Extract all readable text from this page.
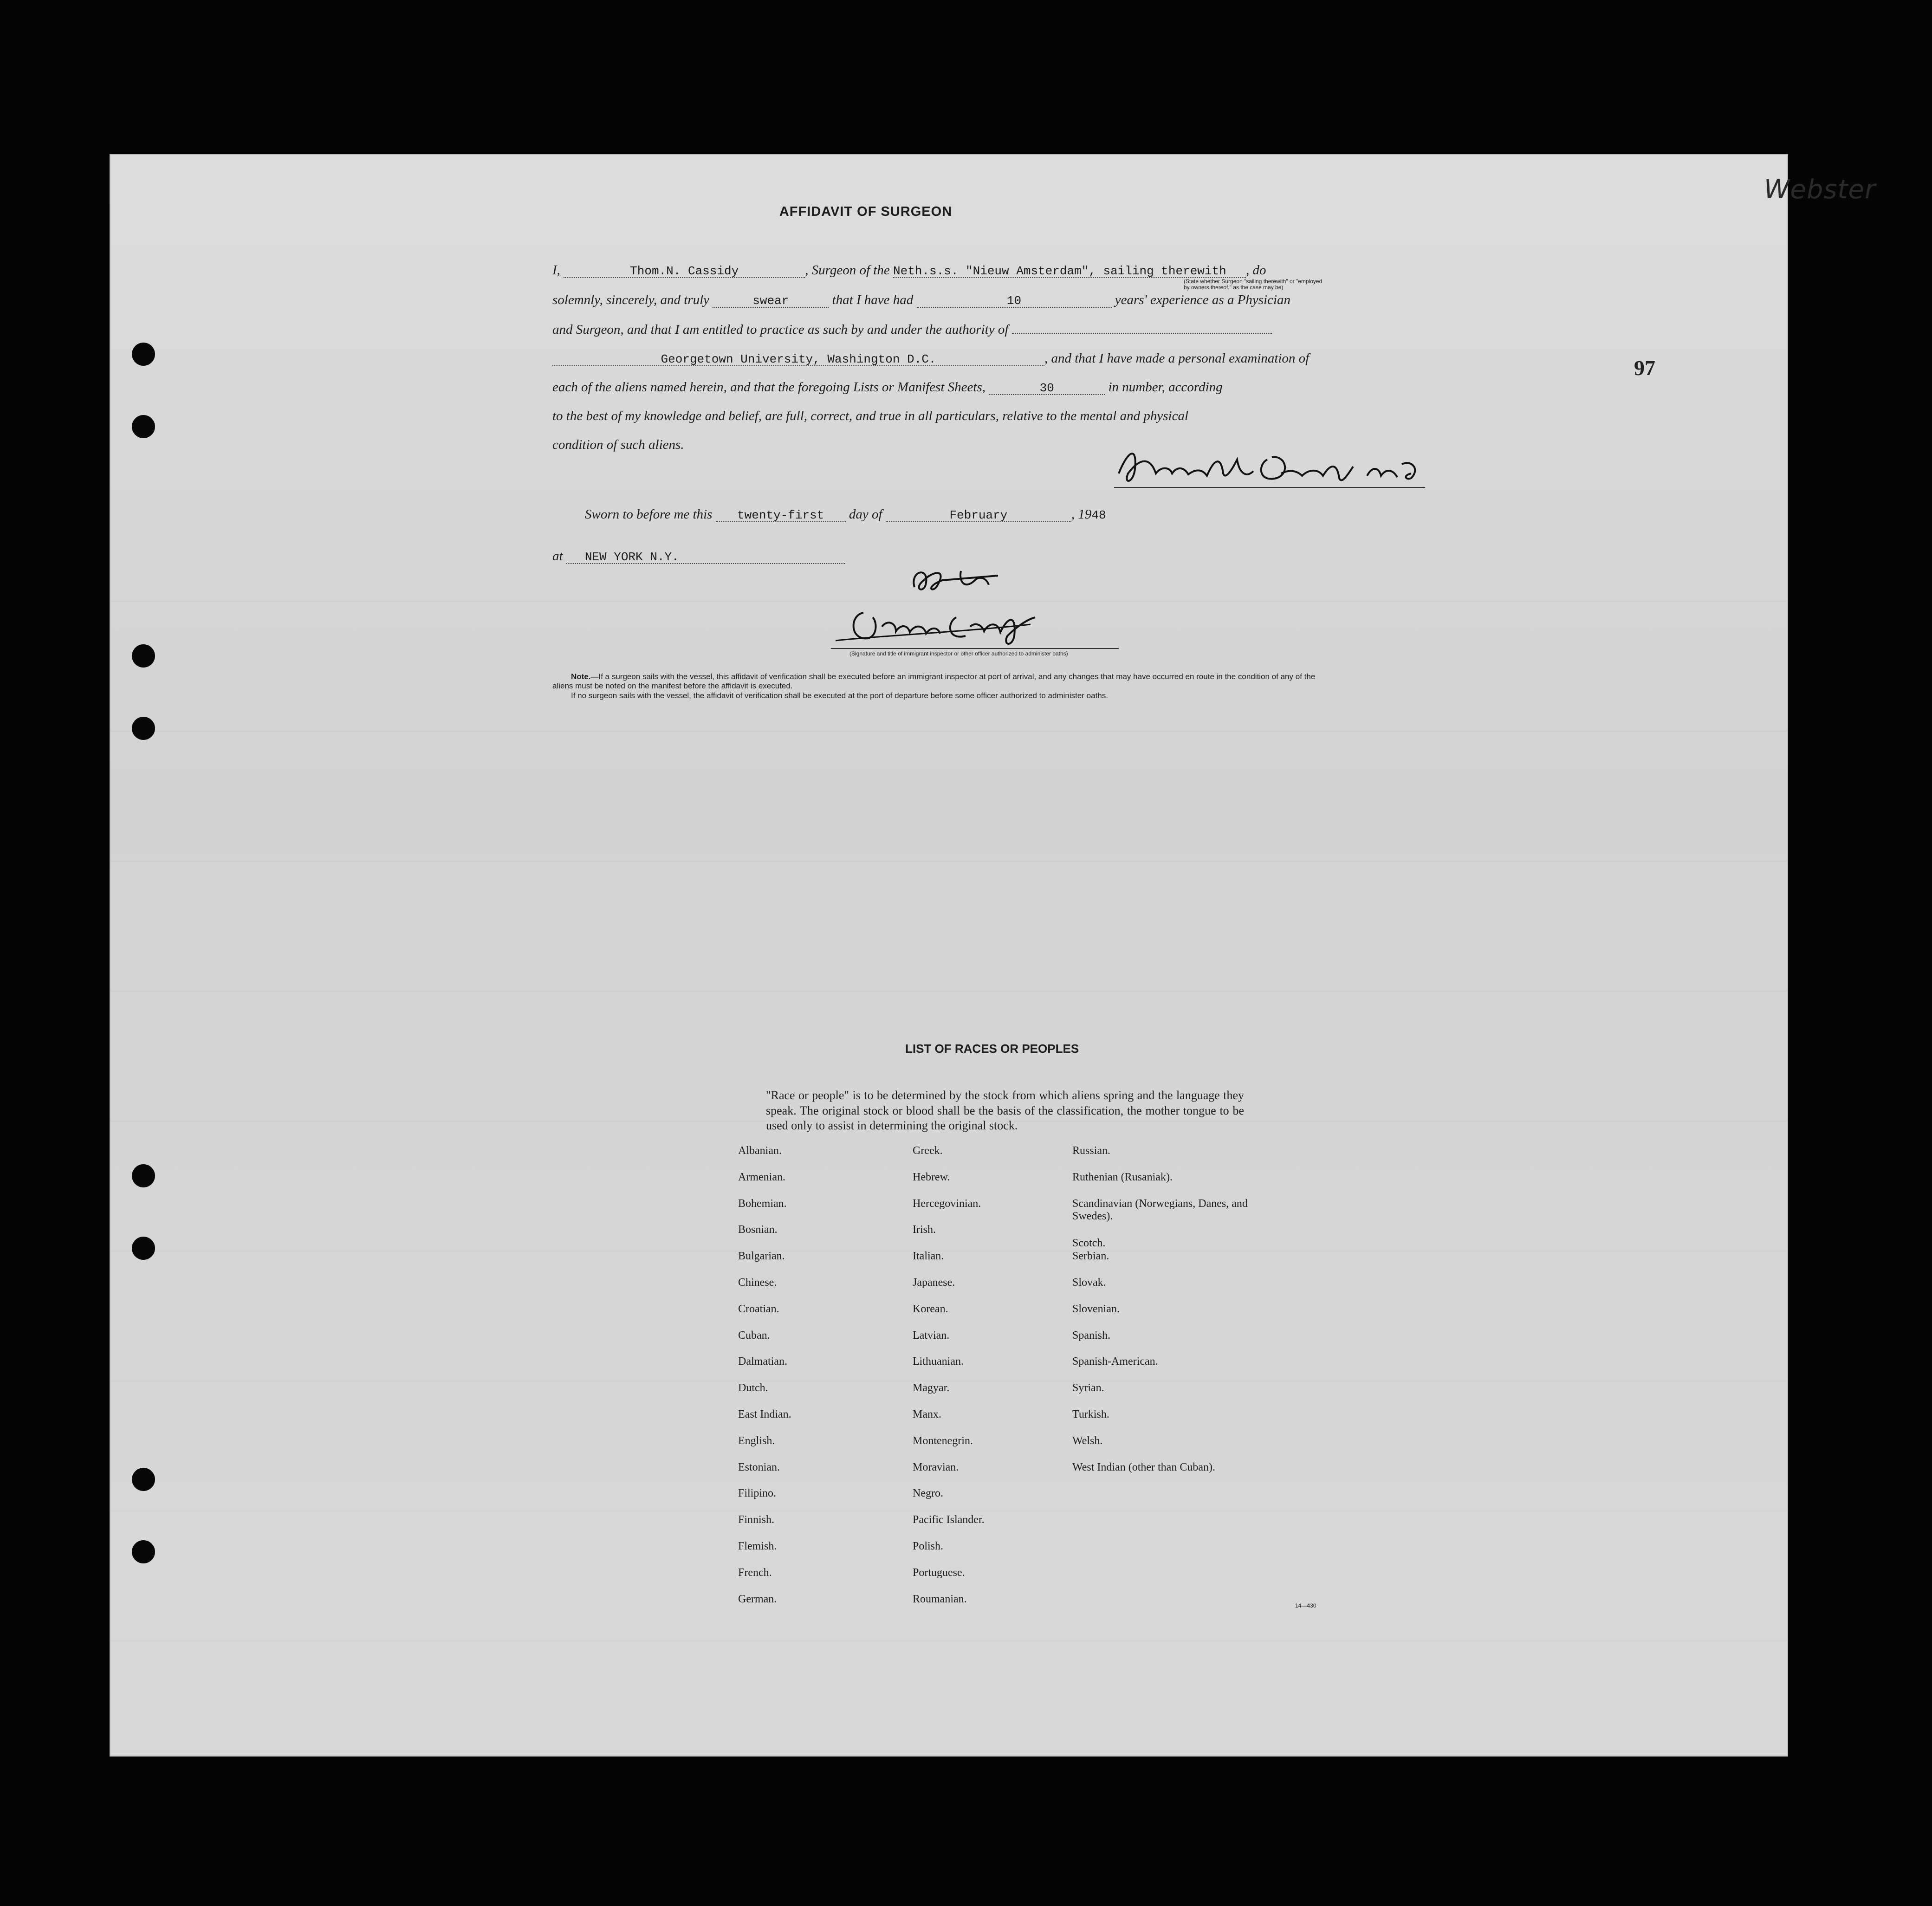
Webster
97
AFFIDAVIT OF SURGEON
I,	Thom.N. Cassidy	, Surgeon of the Neth.s.s. "Nieuw Amsterdam", sailing therewith , do
(State whether Surgeon "sailing therewith" or "employed by owners thereof," as the case may be)
solemnly, sincerely, and truly	swear	that I have had	10	years' experience as a Physician
and Surgeon, and that I am entitled to practice as such by and under the authority of
Georgetown University, Washington D.C.	, and that I have made a personal examination of
each of the aliens named herein, and that the foregoing Lists or Manifest Sheets,	30	in number, according
to the best of my knowledge and belief, are full, correct, and true in all particulars, relative to the mental and physical
condition of such aliens.
Sworn to before me this twenty-first day of	February	, 1948
at NEW YORK N.Y.
(Signature and title of immigrant inspector or other officer authorized to administer oaths)

Note.—If a surgeon sails with the vessel, this affidavit of verification shall be executed before an immigrant inspector at port of arrival, and any changes that may have occurred en route in the condition of any of the aliens must be noted on the manifest before the affidavit is executed.

If no surgeon sails with the vessel, the affidavit of verification shall be executed at the port of departure before some officer authorized to administer oaths.

LIST OF RACES OR PEOPLES
"Race or people" is to be determined by the stock from which aliens spring and the language they speak. The original stock or blood shall be the basis of the classification, the mother tongue to be used only to assist in determining the original stock.
Albanian.
Armenian.
Bohemian.
Bosnian.
Bulgarian.
Chinese.
Croatian.
Cuban.
Dalmatian.
Dutch.
East Indian.
English.
Estonian.
Filipino.
Finnish.
Flemish.
French.
German.
Greek.
Hebrew.
Hercegovinian.
Irish.
Italian.
Japanese.
Korean.
Latvian.
Lithuanian.
Magyar.
Manx.
Montenegrin.
Moravian.
Negro.
Pacific Islander.
Polish.
Portuguese.
Roumanian.
Russian.
Ruthenian (Rusaniak).
Scandinavian (Norwegians, Danes, and Swedes).
Scotch.
Serbian.
Slovak.
Slovenian.
Spanish.
Spanish-American.
Syrian.
Turkish.
Welsh.
West Indian (other than Cuban).
14—430
